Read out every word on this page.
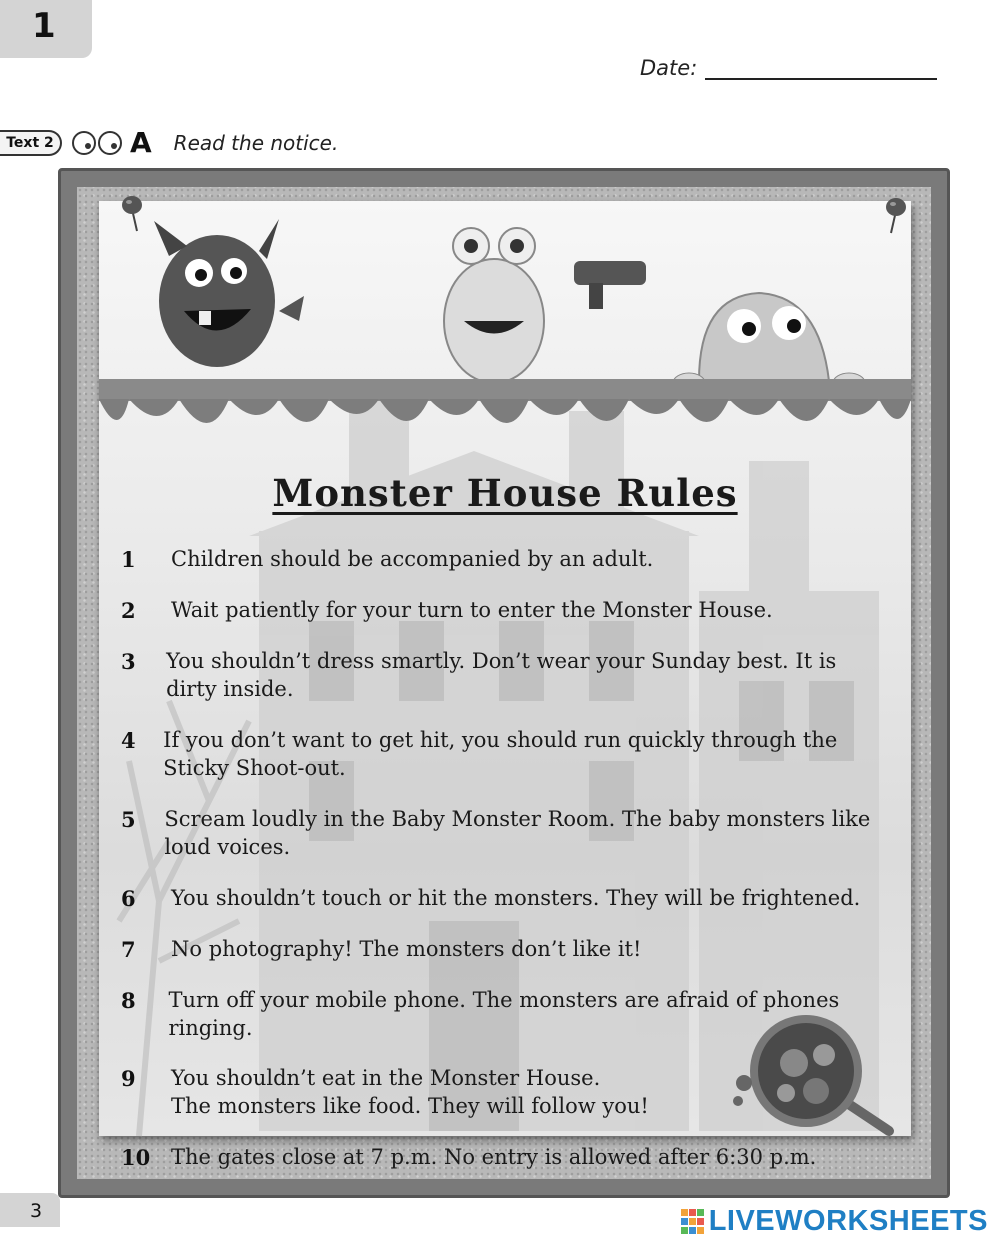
1
Date:
Text 2	A Read the notice.
Monster House Rules
1	Children should be accompanied by an adult.
2	Wait patiently for your turn to enter the Monster House.
3	You shouldn’t dress smartly. Don’t wear your Sunday best. It is dirty inside.
4	If you don’t want to get hit, you should run quickly through the Sticky Shoot-out.
5	Scream loudly in the Baby Monster Room. The baby monsters like loud voices.
6	You shouldn’t touch or hit the monsters. They will be frightened.
7	No photography! The monsters don’t like it!
8	Turn off your mobile phone. The monsters are afraid of phones ringing.
9	You shouldn’t eat in the Monster House.
The monsters like food. They will follow you!
10 The gates close at 7 p.m. No entry is allowed after 6:30 p.m.
3	LIVEWORKSHEETS
